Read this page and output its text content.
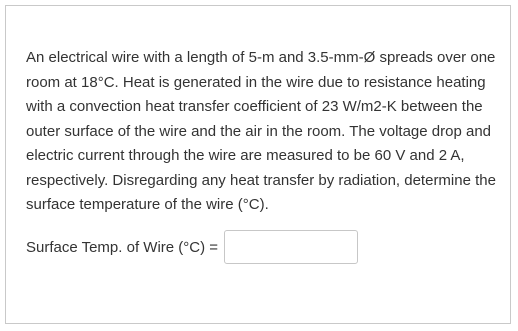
An electrical wire with a length of 5-m and 3.5-mm-Ø spreads over one room at 18°C. Heat is generated in the wire due to resistance heating with a convection heat transfer coefficient of 23 W/m2-K between the outer surface of the wire and the air in the room. The voltage drop and electric current through the wire are measured to be 60 V and 2 A, respectively. Disregarding any heat transfer by radiation, determine the surface temperature of the wire (°C).

Surface Temp. of Wire (°C) =
